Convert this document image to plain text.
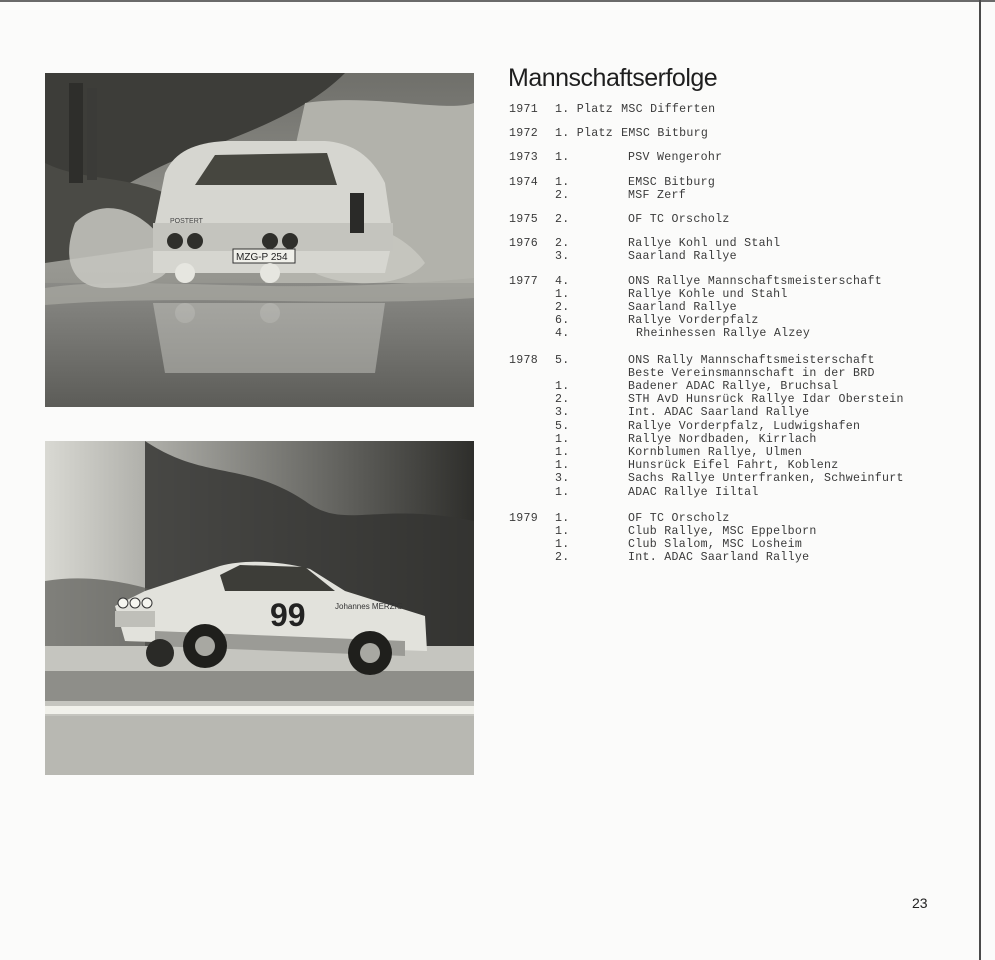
MZG-P 254
POSTERT
99	Johannes MERZIG
Mannschaftserfolge
1971	1. Platz MSC Differten
1972	1. Platz EMSC Bitburg
1973	1.	PSV Wengerohr
1974	1.	EMSC Bitburg
2.	MSF Zerf
1975	2.	OF TC Orscholz
1976	2.	Rallye Kohl und Stahl
3.	Saarland Rallye
1977	4.	ONS Rallye Mannschaftsmeisterschaft
1.	Rallye Kohle und Stahl
2.	Saarland Rallye
6.	Rallye Vorderpfalz
4.	Rheinhessen Rallye Alzey
1978	5.	ONS Rally Mannschaftsmeisterschaft
Beste Vereinsmannschaft in der BRD
1.	Badener ADAC Rallye, Bruchsal
2.	STH AvD Hunsrück Rallye Idar Oberstein
3.	Int. ADAC Saarland Rallye
5.	Rallye Vorderpfalz, Ludwigshafen
1.	Rallye Nordbaden, Kirrlach
1.	Kornblumen Rallye, Ulmen
1.	Hunsrück Eifel Fahrt, Koblenz
3.	Sachs Rallye Unterfranken, Schweinfurt
1.	ADAC Rallye Iiltal
1979	1.	OF TC Orscholz
1.	Club Rallye, MSC Eppelborn
1.	Club Slalom, MSC Losheim
2.	Int. ADAC Saarland Rallye
23
